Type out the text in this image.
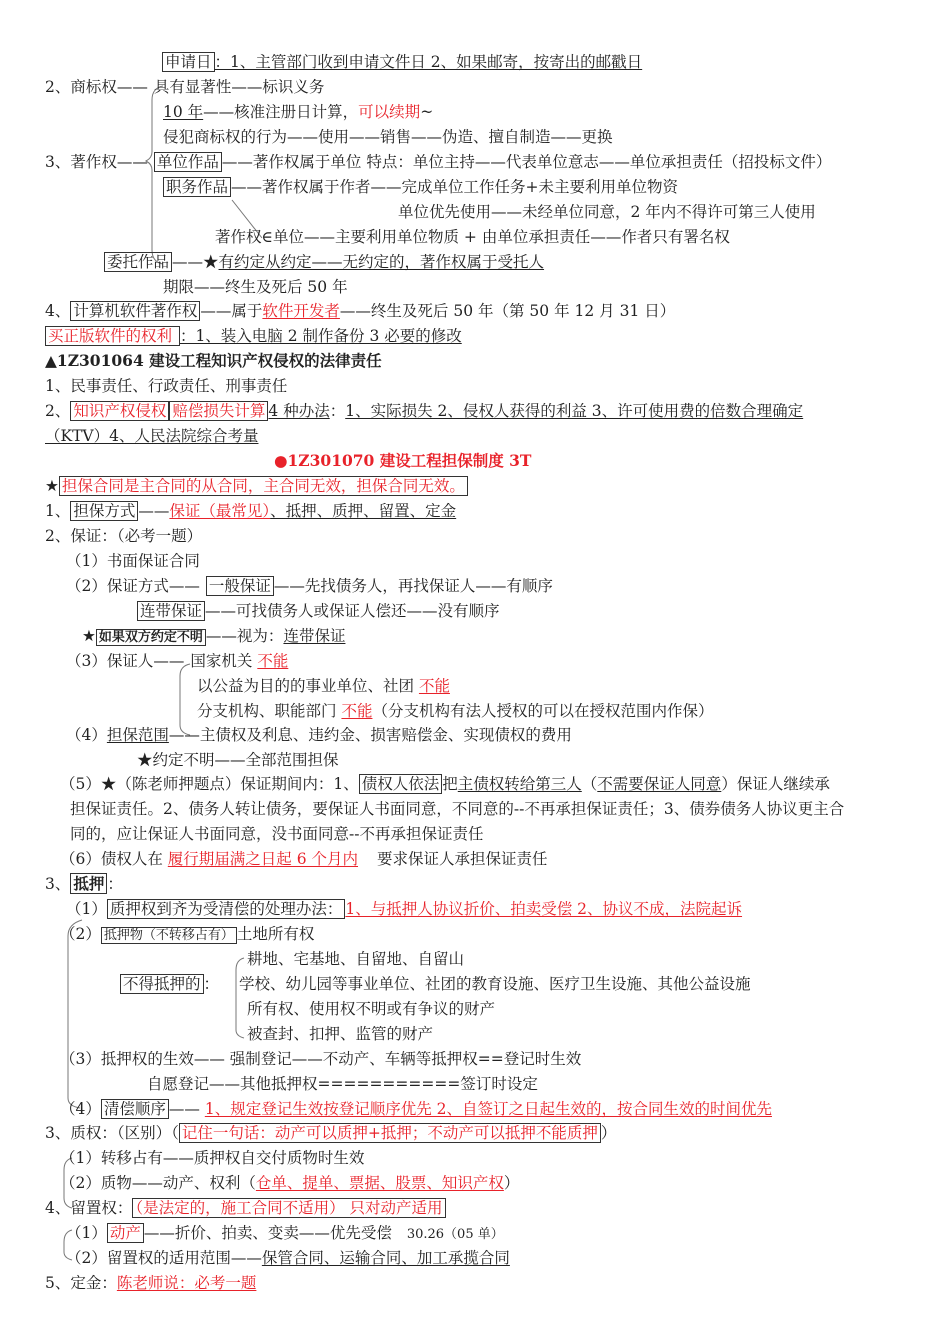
申请日 ：1、主管部门收到申请文件日 2、如果邮寄，按寄出的邮戳日
2、商标权—— 具有显著性——标识义务
10 年——核准注册日计算，可以续期~
侵犯商标权的行为——使用——销售——伪造、擅自制造——更换
3、著作权—— 单位作品 ——著作权属于单位 特点：单位主持——代表单位意志——单位承担责任（招投标文件）
职务作品 ——著作权属于作者——完成单位工作任务+未主要利用单位物资
单位优先使用——未经单位同意，2 年内不得许可第三人使用
著作权∈单位——主要利用单位物质 + 由单位承担责任——作者只有署名权
委托作品 ——★有约定从约定——无约定的，著作权属于受托人
期限——终生及死后 50 年
4、 计算机软件著作权 ——属于软件开发者——终生及死后 50 年（第 50 年 12 月 31 日）
买正版软件的权利 ：1、装入电脑 2 制作备份 3 必要的修改
▲1Z301064 建设工程知识产权侵权的法律责任
1、民事责任、行政责任、刑事责任
2、 知识产权侵权 赔偿损失计算 4 种办法：1、实际损失 2、侵权人获得的利益 3、许可使用费的倍数合理确定
（KTV）4、人民法院综合考量
●1Z301070 建设工程担保制度 3T
★ 担保合同是主合同的从合同，主合同无效，担保合同无效。
1、 担保方式 ——保证（最常见）、抵押、质押、留置、定金
2、保证：（必考一题）
（1）书面保证合同
（2）保证方式—— 一般保证 ——先找债务人，再找保证人——有顺序
连带保证 ——可找债务人或保证人偿还——没有顺序
★ 如果双方约定不明 ——视为：连带保证
（3）保证人—— 国家机关 不能
以公益为目的的事业单位、社团 不能
分支机构、职能部门 不能（分支机构有法人授权的可以在授权范围内作保）
（4）担保范围——主债权及利息、违约金、损害赔偿金、实现债权的费用
★约定不明——全部范围担保
（5）★（陈老师押题点）保证期间内：1、 债权人依法 把主债权转给第三人（不需要保证人同意）保证人继续承
担保证责任。2、债务人转让债务，要保证人书面同意，不同意的--不再承担保证责任；3、债券债务人协议更主合
同的，应让保证人书面同意，没书面同意--不再承担保证责任
（6）债权人在 履行期届满之日起 6 个月内 要求保证人承担保证责任
3、 抵押 ：
（1） 质押权到齐为受清偿的处理办法： 1、与抵押人协议折价、拍卖受偿 2、协议不成，法院起诉
（2） 抵押物（不转移占有） 土地所有权
耕地、宅基地、自留地、自留山
不得抵押的 ： 学校、幼儿园等事业单位、社团的教育设施、医疗卫生设施、其他公益设施
所有权、使用权不明或有争议的财产
被查封、扣押、监管的财产
（3）抵押权的生效—— 强制登记——不动产、车辆等抵押权==登记时生效
自愿登记——其他抵押权===========签订时设定
（4） 清偿顺序 —— 1、规定登记生效按登记顺序优先 2、自签订之日起生效的，按合同生效的时间优先
3、质权：（区别）（ 记住一句话：动产可以质押+抵押；不动产可以抵押不能质押 ）
（1）转移占有——质押权自交付质物时生效
（2）质物——动产、权利（仓单、提单、票据、股票、知识产权）
4、留置权： （是法定的，施工合同不适用） 只对动产适用
（1） 动产 ——折价、拍卖、变卖——优先受偿 30.26（05 单）
（2）留置权的适用范围——保管合同、运输合同、加工承揽合同
5、定金：陈老师说：必考一题
